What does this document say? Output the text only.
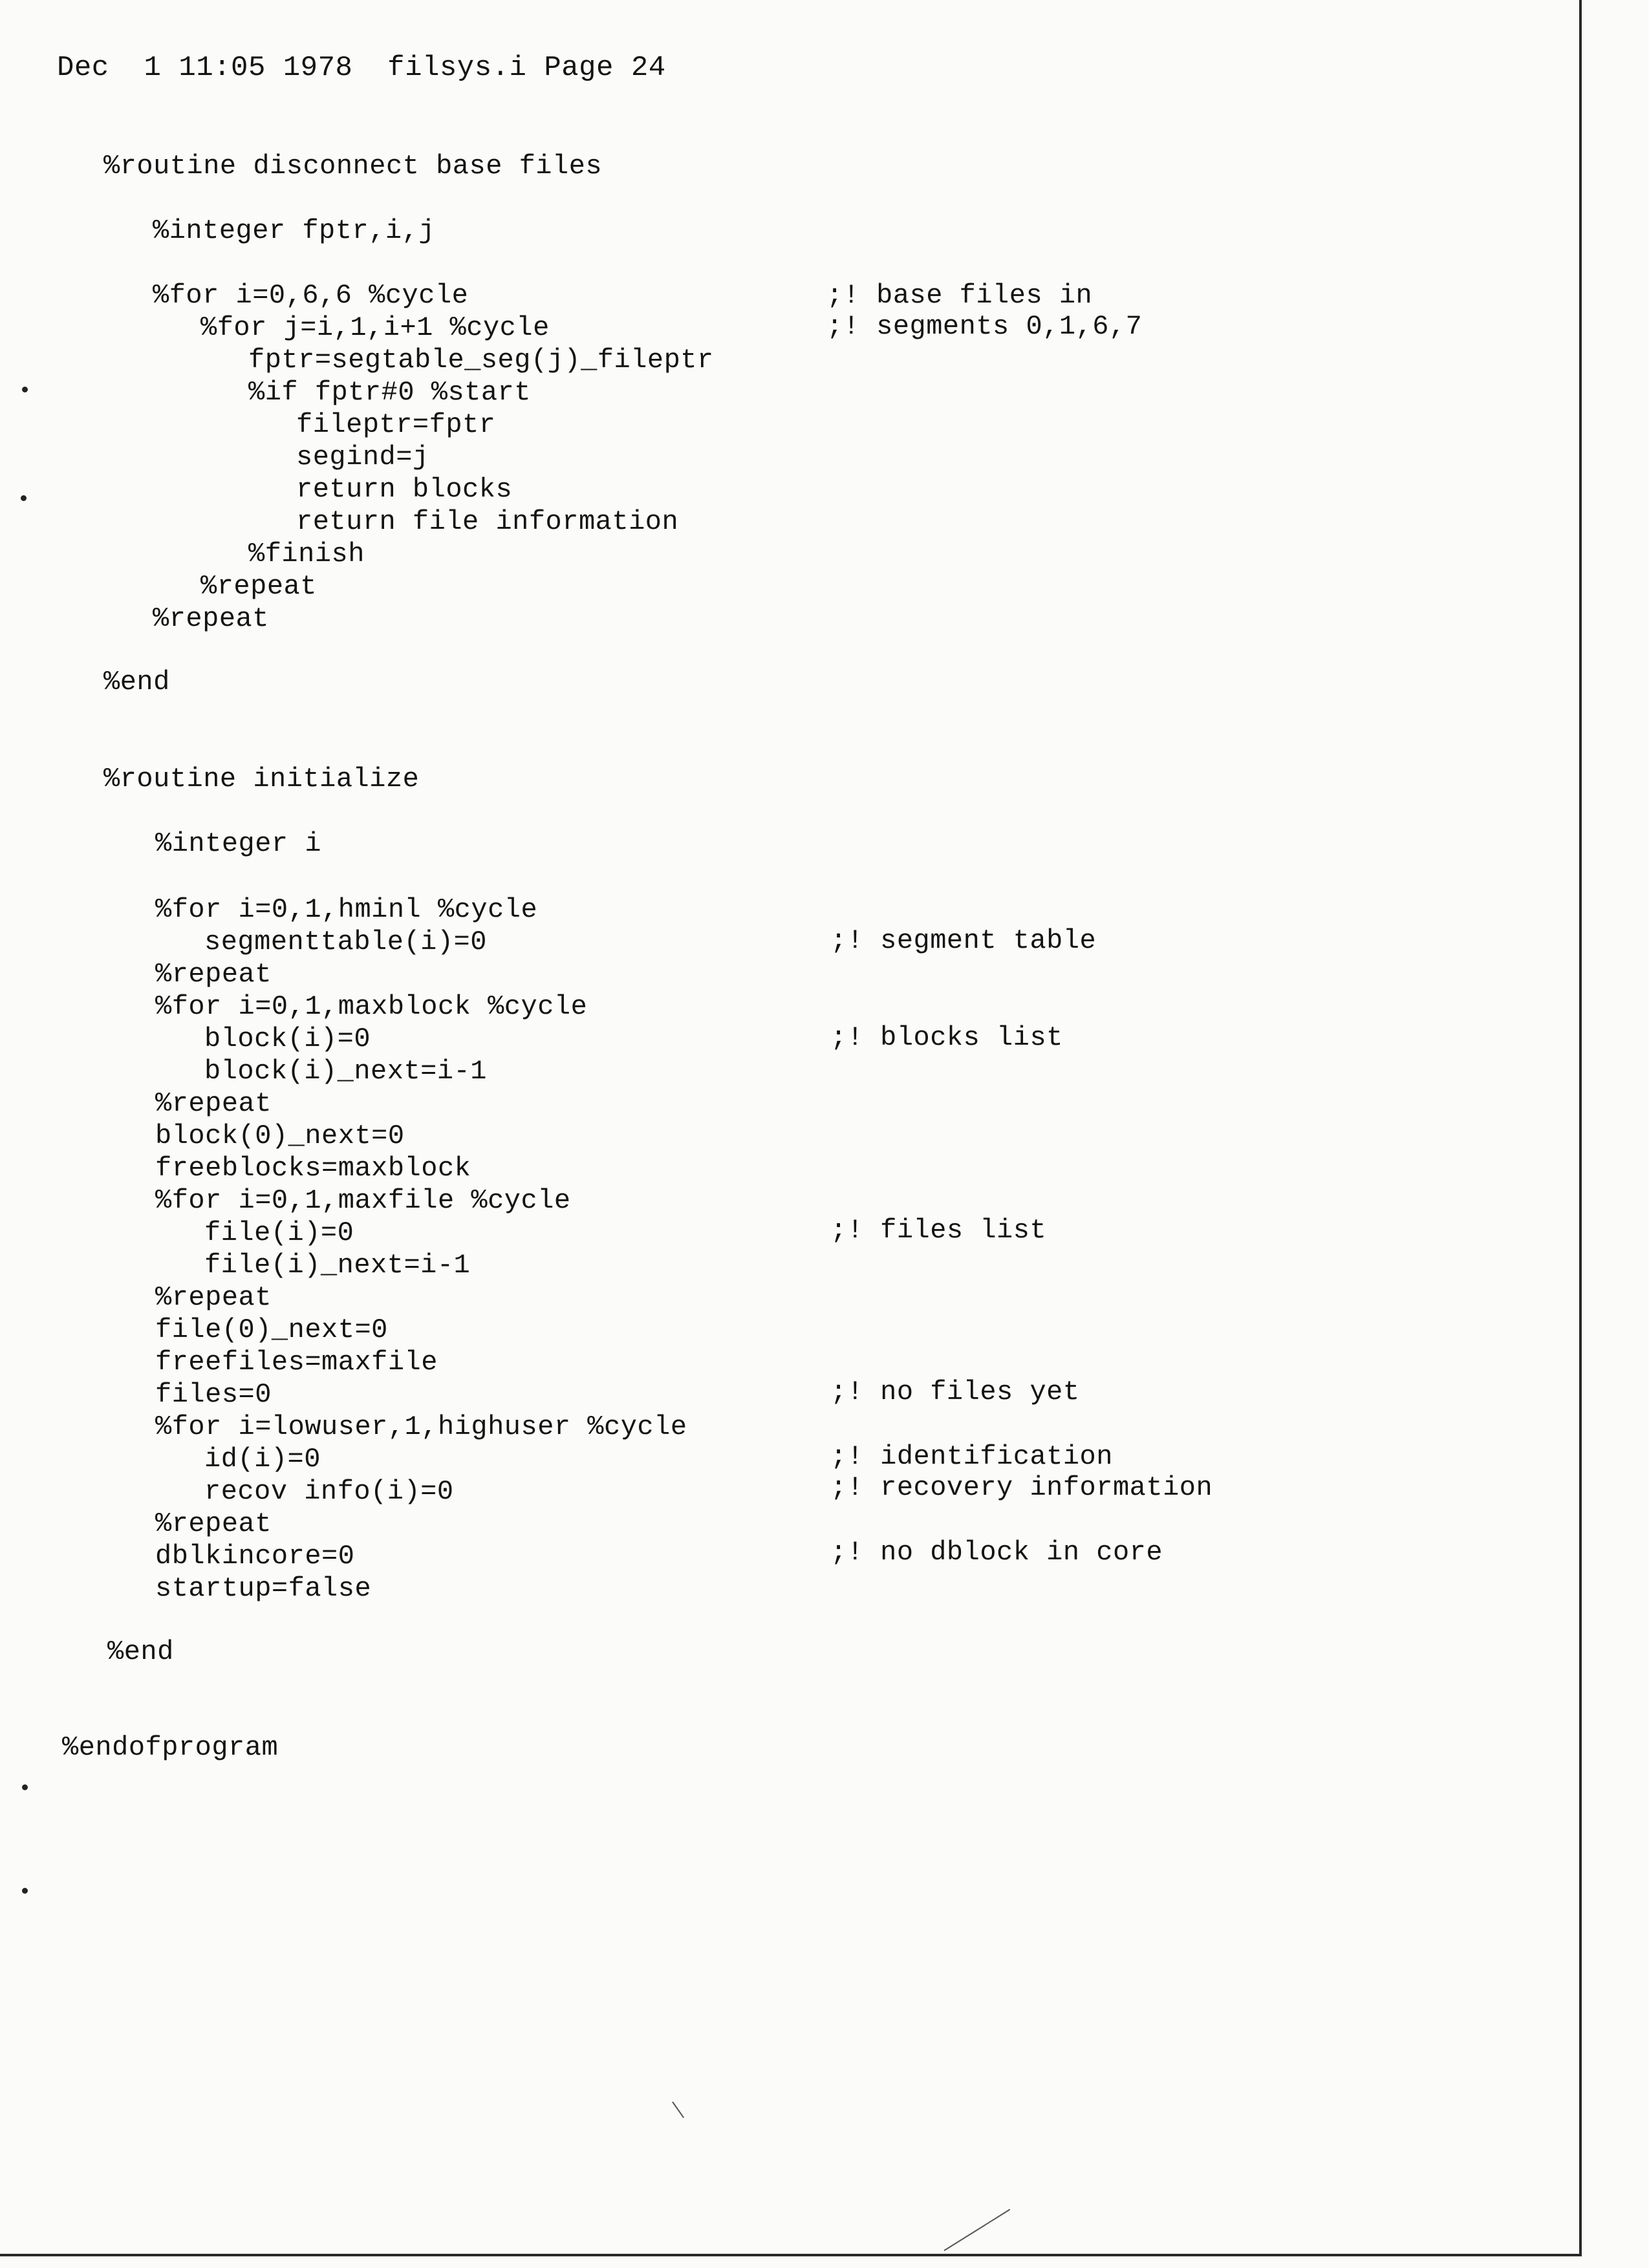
Dec  1 11:05 1978  filsys.i Page 24
%routine disconnect base files
%integer fptr,i,j
%for i=0,6,6 %cycle
%for j=i,1,i+1 %cycle
fptr=segtable_seg(j)_fileptr
%if fptr#0 %start
fileptr=fptr
segind=j
return blocks
return file information
%finish
%repeat
%repeat
%end
;! base files in
;! segments 0,1,6,7
%routine initialize
%integer i
%for i=0,1,hminl %cycle
segmenttable(i)=0
%repeat
%for i=0,1,maxblock %cycle
block(i)=0
block(i)_next=i-1
%repeat
block(0)_next=0
freeblocks=maxblock
%for i=0,1,maxfile %cycle
file(i)=0
file(i)_next=i-1
%repeat
file(0)_next=0
freefiles=maxfile
files=0
%for i=lowuser,1,highuser %cycle
id(i)=0
recov info(i)=0
%repeat
dblkincore=0
startup=false
%end
%endofprogram
;! segment table
;! blocks list
;! files list
;! no files yet
;! identification
;! recovery information
;! no dblock in core
